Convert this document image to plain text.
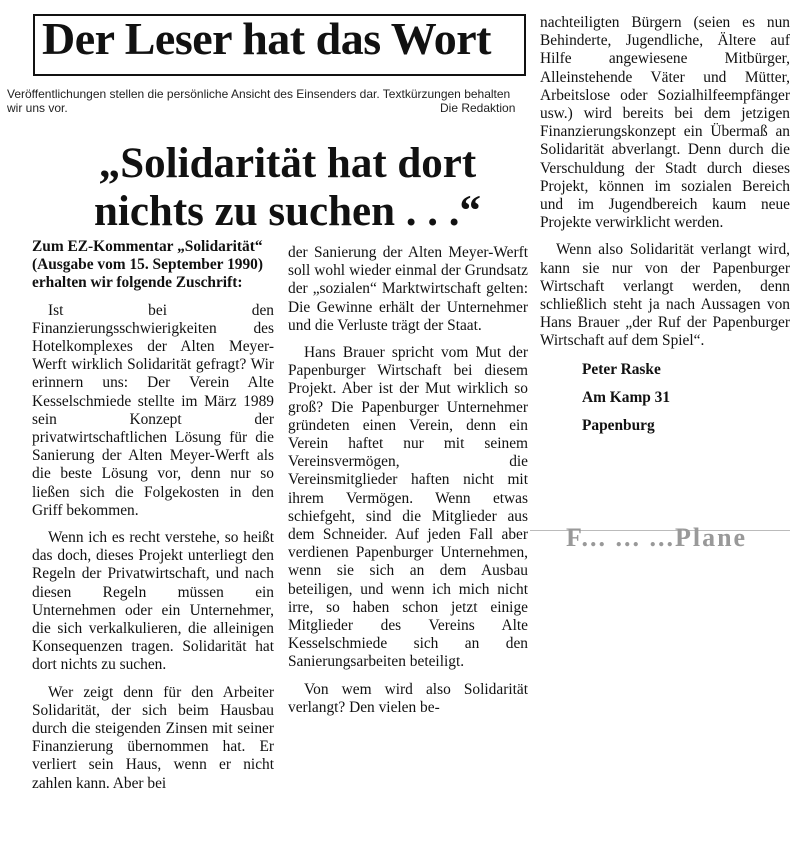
Der Leser hat das Wort
Veröffentlichungen stellen die persönliche Ansicht des Einsenders dar. Textkürzungen behalten wir uns vor.	Die Redaktion
„Solidarität hat dort
nichts zu suchen . . .“

Zum EZ-Kommentar „Solidarität“ (Ausgabe vom 15. September 1990) erhalten wir folgende Zuschrift:

Ist bei den Finanzierungsschwierigkeiten des Hotelkomplexes der Alten Meyer-Werft wirklich Solidarität gefragt? Wir erinnern uns: Der Verein Alte Kesselschmiede stellte im März 1989 sein Konzept der privatwirtschaftlichen Lösung für die Sanierung der Alten Meyer-Werft als die beste Lösung vor, denn nur so ließen sich die Folgekosten in den Griff bekommen.

Wenn ich es recht verstehe, so heißt das doch, dieses Projekt unterliegt den Regeln der Privatwirtschaft, und nach diesen Regeln müssen ein Unternehmen oder ein Unternehmer, die sich verkalkulieren, die alleinigen Konsequenzen tragen. Solidarität hat dort nichts zu suchen.

Wer zeigt denn für den Arbeiter Solidarität, der sich beim Hausbau durch die steigenden Zinsen mit seiner Finanzierung übernommen hat. Er verliert sein Haus, wenn er nicht zahlen kann. Aber bei

der Sanierung der Alten Meyer-Werft soll wohl wieder einmal der Grundsatz der „sozialen“ Marktwirtschaft gelten: Die Gewinne erhält der Unternehmer und die Verluste trägt der Staat.

Hans Brauer spricht vom Mut der Papenburger Wirtschaft bei diesem Projekt. Aber ist der Mut wirklich so groß? Die Papenburger Unternehmer gründeten einen Verein, denn ein Verein haftet nur mit seinem Vereinsvermögen, die Vereinsmitglieder haften nicht mit ihrem Vermögen. Wenn etwas schiefgeht, sind die Mitglieder aus dem Schneider. Auf jeden Fall aber verdienen Papenburger Unternehmen, wenn sie sich an dem Ausbau beteiligen, und wenn ich mich nicht irre, so haben schon jetzt einige Mitglieder des Vereins Alte Kesselschmiede sich an den Sanierungsarbeiten beteiligt.

Von wem wird also Solidarität verlangt? Den vielen be-

nachteiligten Bürgern (seien es nun Behinderte, Jugendliche, Ältere auf Hilfe angewiesene Mitbürger, Alleinstehende Väter und Mütter, Arbeitslose oder Sozialhilfeempfänger usw.) wird bereits bei dem jetzigen Finanzierungskonzept ein Übermaß an Solidarität abverlangt. Denn durch die Verschuldung der Stadt durch dieses Projekt, können im sozialen Bereich und im Jugendbereich kaum neue Projekte verwirklicht werden.

Wenn also Solidarität verlangt wird, kann sie nur von der Papenburger Wirtschaft verlangt werden, denn schließlich steht ja nach Aussagen von Hans Brauer „der Ruf der Papenburger Wirtschaft auf dem Spiel“.

Peter Raske

Am Kamp 31

Papenburg

F... ... ...Plane
